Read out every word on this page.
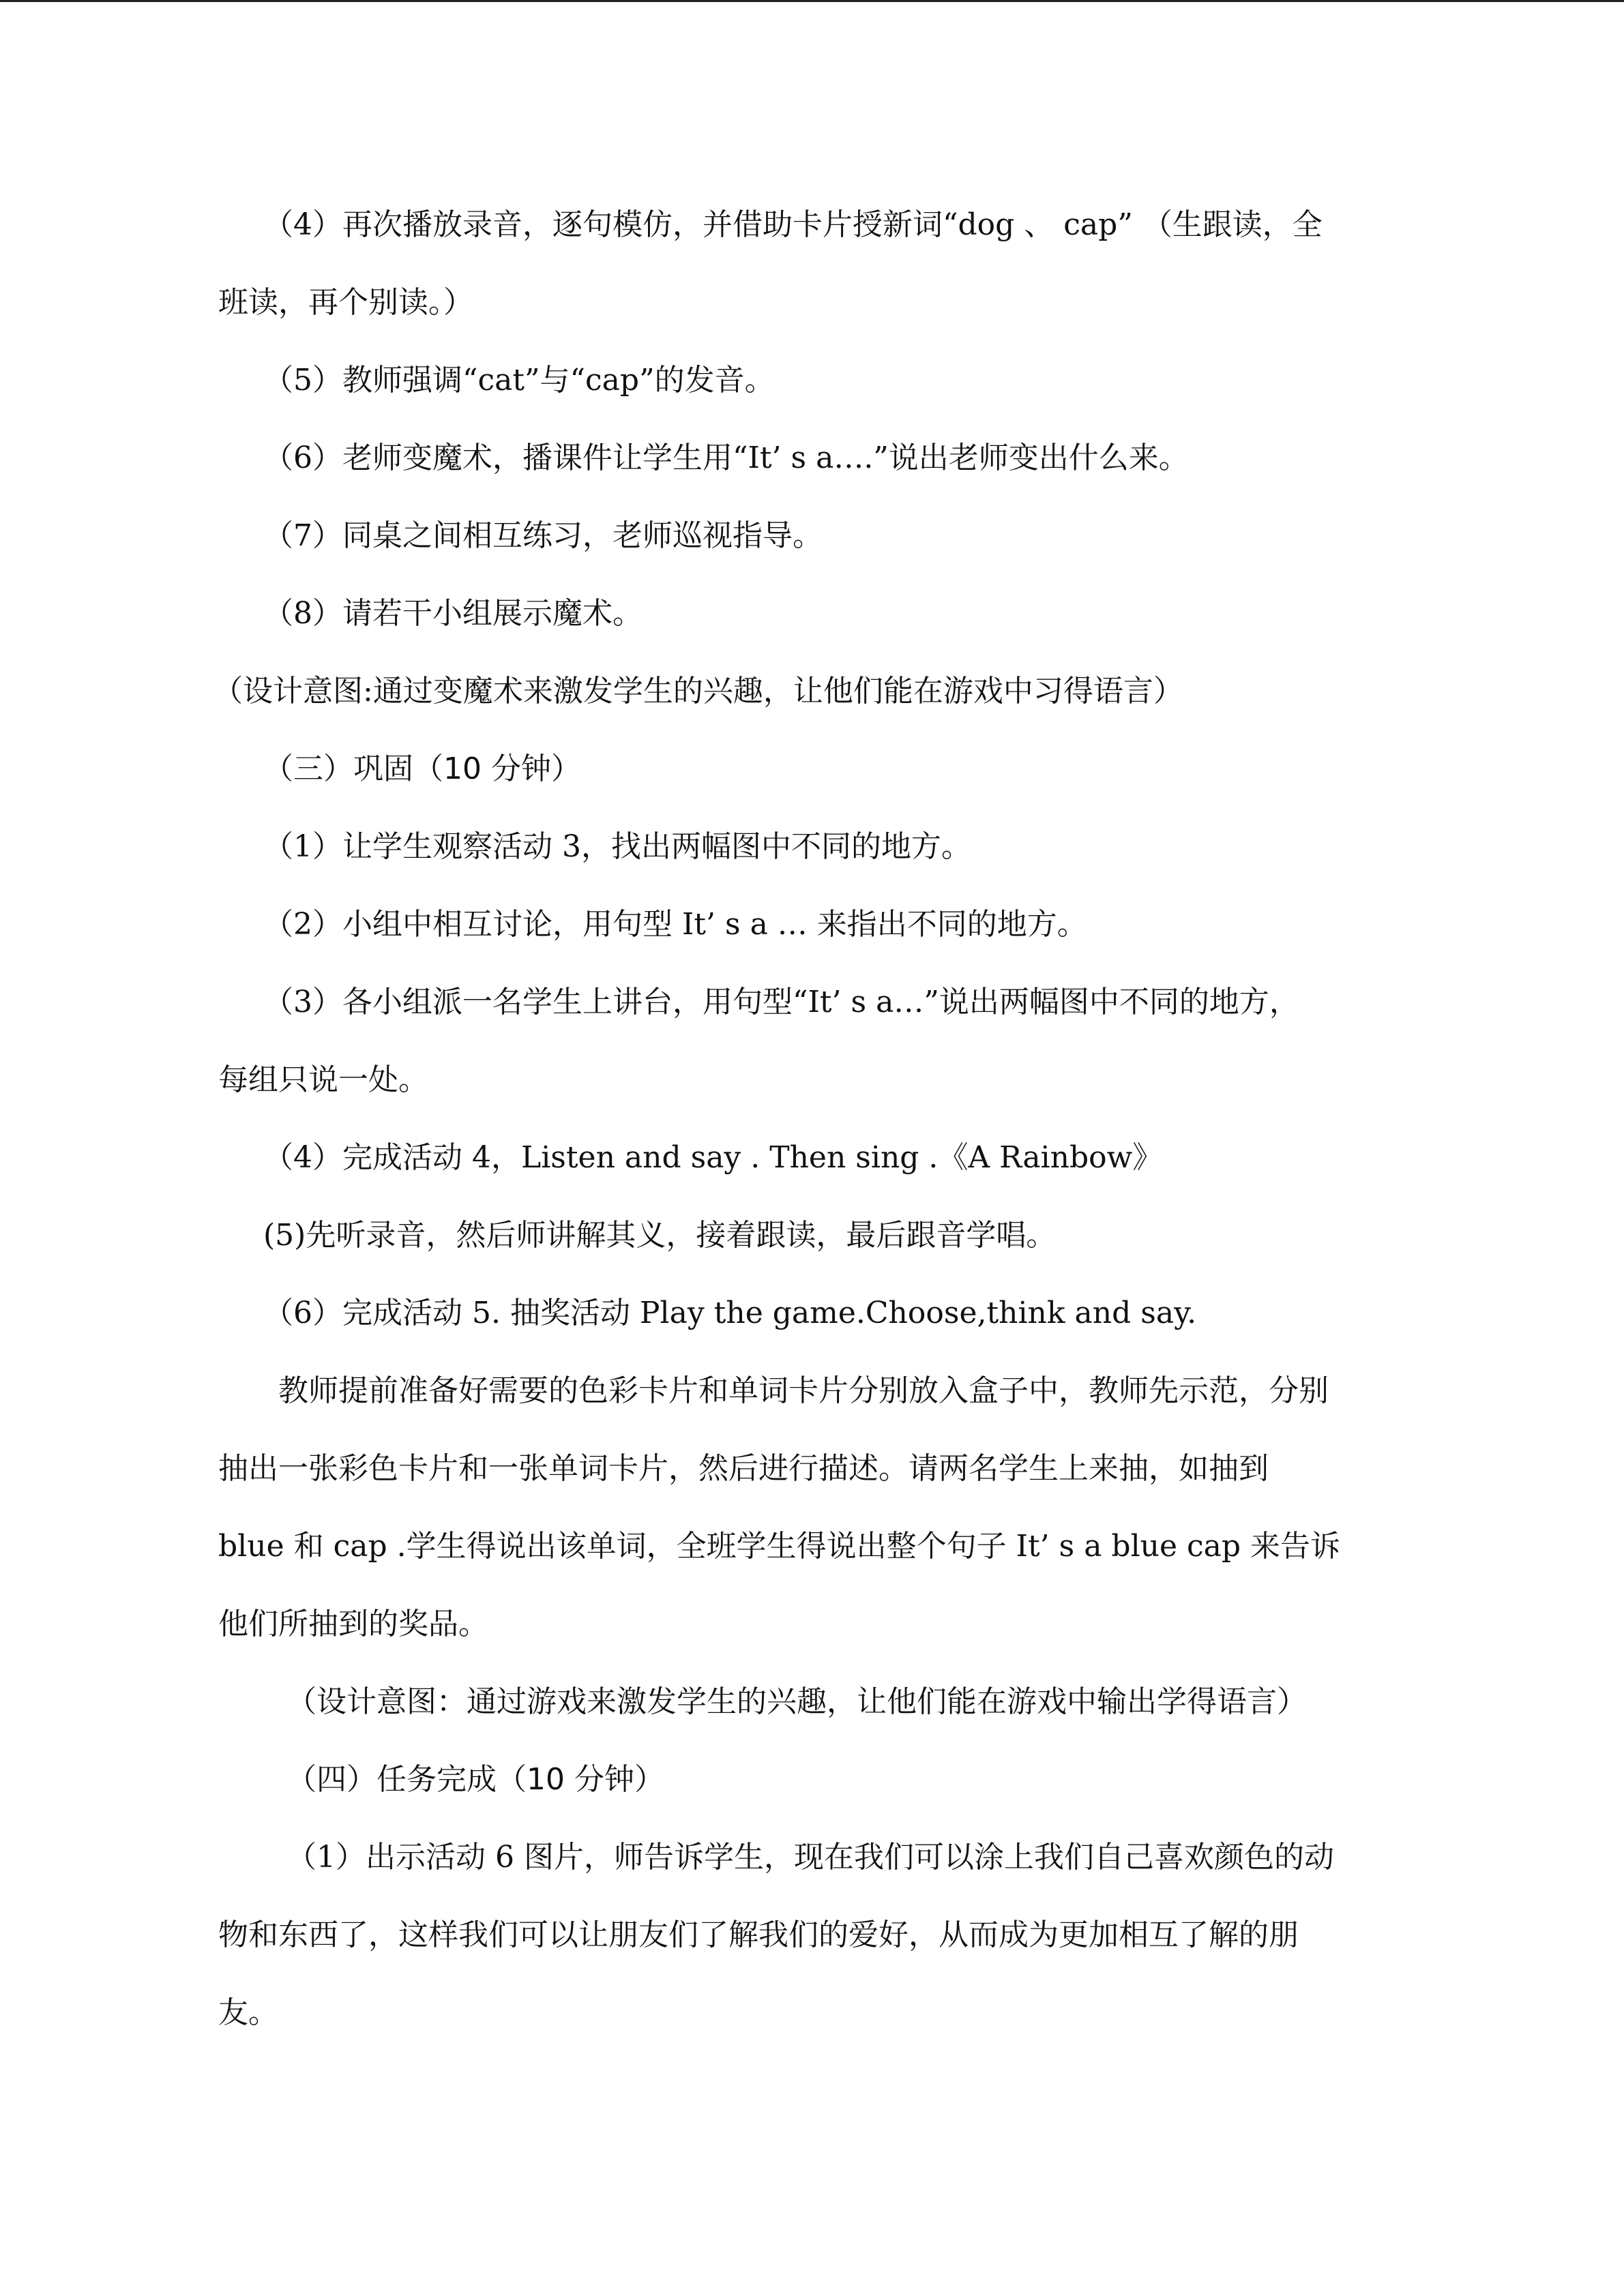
（4）再次播放录音，逐句模仿，并借助卡片授新词“dog 、 cap” （生跟读，全
班读，再个别读。）
（5）教师强调“cat”与“cap”的发音。
（6）老师变魔术，播课件让学生用“It’ s a….”说出老师变出什么来。
（7）同桌之间相互练习，老师巡视指导。
（8）请若干小组展示魔术。
（设计意图:通过变魔术来激发学生的兴趣，让他们能在游戏中习得语言）
（三）巩固（10 分钟）
（1）让学生观察活动 3，找出两幅图中不同的地方。
（2）小组中相互讨论，用句型 It’ s a … 来指出不同的地方。
（3）各小组派一名学生上讲台，用句型“It’ s a…”说出两幅图中不同的地方，
每组只说一处。
（4）完成活动 4，Listen and say . Then sing .《A Rainbow》
(5)先听录音，然后师讲解其义，接着跟读，最后跟音学唱。
（6）完成活动 5. 抽奖活动 Play the game.Choose,think and say.
教师提前准备好需要的色彩卡片和单词卡片分别放入盒子中，教师先示范，分别
抽出一张彩色卡片和一张单词卡片，然后进行描述。请两名学生上来抽，如抽到
blue 和 cap .学生得说出该单词，全班学生得说出整个句子 It’ s a blue cap 来告诉
他们所抽到的奖品。
（设计意图：通过游戏来激发学生的兴趣，让他们能在游戏中输出学得语言）
（四）任务完成（10 分钟）
（1）出示活动 6 图片，师告诉学生，现在我们可以涂上我们自己喜欢颜色的动
物和东西了，这样我们可以让朋友们了解我们的爱好，从而成为更加相互了解的朋
友。
